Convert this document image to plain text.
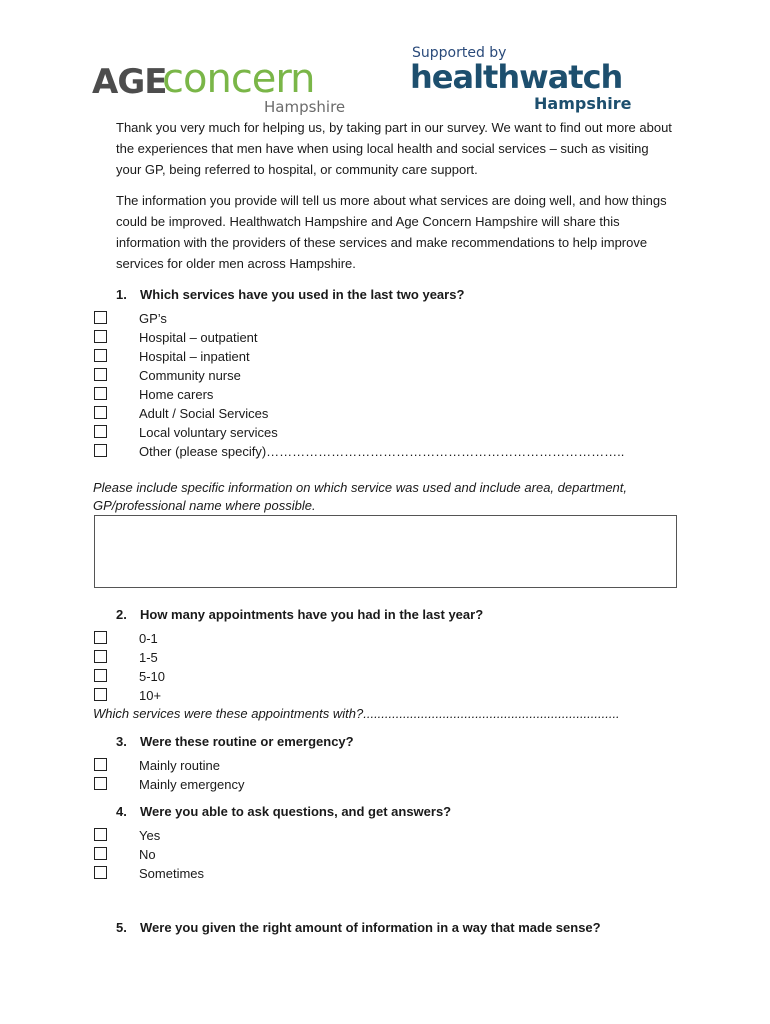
AGE
concern
Hampshire
Supported by
healthwatch
Hampshire
Thank you very much for helping us, by taking part in our survey. We want to find out more about the experiences that men have when using local health and social services – such as visiting your GP, being referred to hospital, or community care support.
The information you provide will tell us more about what services are doing well, and how things could be improved. Healthwatch Hampshire and Age Concern Hampshire will share this information with the providers of these services and make recommendations to help improve services for older men across Hampshire.
1. Which services have you used in the last two years?
GP’s
Hospital – outpatient
Hospital – inpatient
Community nurse
Home carers
Adult / Social Services
Local voluntary services
Other (please specify)………………………………………………………………………..
Please include specific information on which service was used and include area, department, GP/professional name where possible.
2. How many appointments have you had in the last year?
0-1
1-5
5-10
10+
Which services were these appointments with?.......................................................................
3. Were these routine or emergency?
Mainly routine
Mainly emergency
4. Were you able to ask questions, and get answers?
Yes
No
Sometimes
5. Were you given the right amount of information in a way that made sense?
